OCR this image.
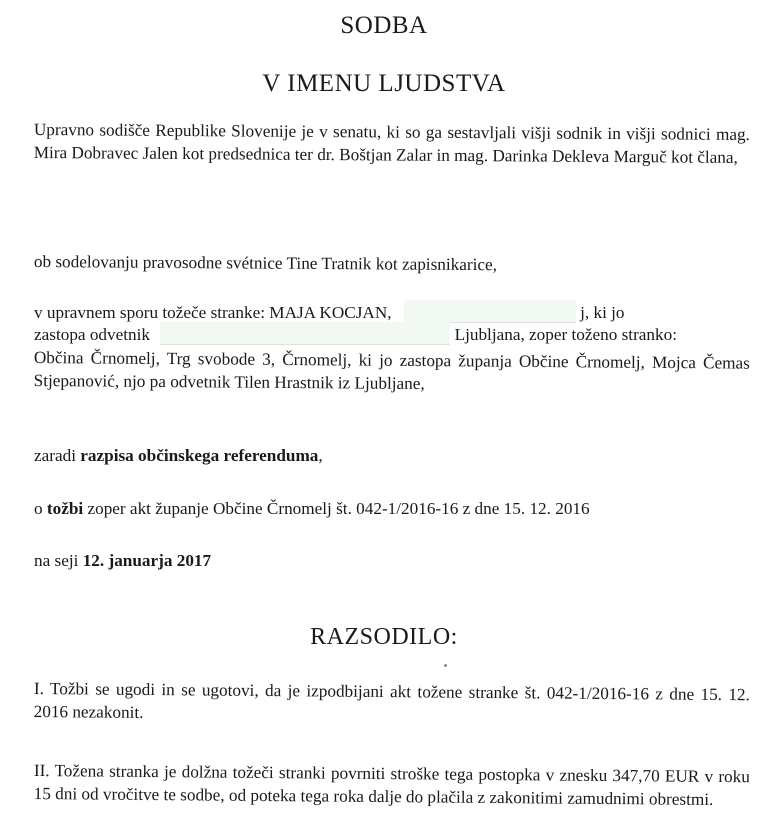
SODBA
V IMENU LJUDSTVA
Upravno sodišče Republike Slovenije je v senatu, ki so ga sestavljali višji sodnik in višji sodnici mag. Mira Dobravec Jalen kot predsednica ter dr. Boštjan Zalar in mag. Darinka Dekleva Marguč kot člana,
ob sodelovanju pravosodne svétnice Tine Tratnik kot zapisnikarice,
v upravnem sporu tožeče stranke: MAJA KOCJAN,	j, ki jo
zastopa odvetnik	Ljubljana, zoper toženo stranko:
Občina Črnomelj, Trg svobode 3, Črnomelj, ki jo zastopa županja Občine Črnomelj, Mojca Čemas Stjepanović, njo pa odvetnik Tilen Hrastnik iz Ljubljane,
zaradi razpisa občinskega referenduma,
o tožbi zoper akt županje Občine Črnomelj št. 042-1/2016-16 z dne 15. 12. 2016
na seji 12. januarja 2017
RAZSODILO:
I. Tožbi se ugodi in se ugotovi, da je izpodbijani akt tožene stranke št. 042-1/2016-16 z dne 15. 12. 2016 nezakonit.
II. Tožena stranka je dolžna tožeči stranki povrniti stroške tega postopka v znesku 347,70 EUR v roku 15 dni od vročitve te sodbe, od poteka tega roka dalje do plačila z zakonitimi zamudnimi obrestmi.
